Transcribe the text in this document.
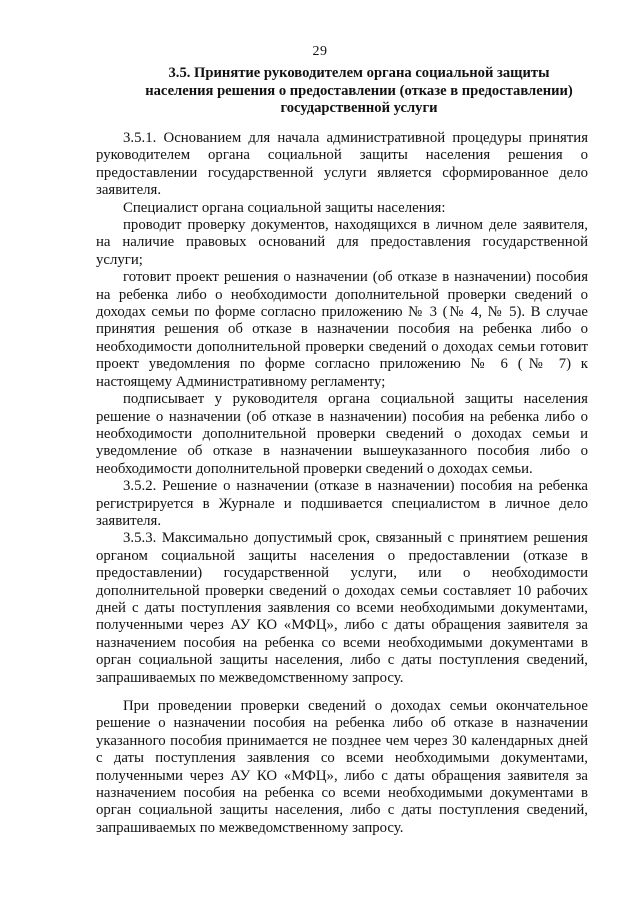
29
3.5. Принятие руководителем органа социальной защиты
населения решения о предоставлении (отказе в предоставлении)
государственной услуги

3.5.1. Основанием для начала административной процедуры принятия руководителем органа социальной защиты населения решения о предоставлении государственной услуги является сформированное дело заявителя.

Специалист органа социальной защиты населения:

проводит проверку документов, находящихся в личном деле заявителя, на наличие правовых оснований для предоставления государственной услуги;

готовит проект решения о назначении (об отказе в назначении) пособия на ребенка либо о необходимости дополнительной проверки сведений о доходах семьи по форме согласно приложению № 3 (№ 4, № 5). В случае принятия решения об отказе в назначении пособия на ребенка либо о необходимости дополнительной проверки сведений о доходах семьи готовит проект уведомления по форме согласно приложению № 6 (№ 7) к настоящему Административному регламенту;

подписывает у руководителя органа социальной защиты населения решение о назначении (об отказе в назначении) пособия на ребенка либо о необходимости дополнительной проверки сведений о доходах семьи и уведомление об отказе в назначении вышеуказанного пособия либо о необходимости дополнительной проверки сведений о доходах семьи.

3.5.2. Решение о назначении (отказе в назначении) пособия на ребенка регистрируется в Журнале и подшивается специалистом в личное дело заявителя.

3.5.3. Максимально допустимый срок, связанный с принятием решения органом социальной защиты населения о предоставлении (отказе в предоставлении) государственной услуги, или о необходимости дополнительной проверки сведений о доходах семьи составляет 10 рабочих дней с даты поступления заявления со всеми необходимыми документами, полученными через АУ КО «МФЦ», либо с даты обращения заявителя за назначением пособия на ребенка со всеми необходимыми документами в орган социальной защиты населения, либо с даты поступления сведений, запрашиваемых по межведомственному запросу.

При проведении проверки сведений о доходах семьи окончательное решение о назначении пособия на ребенка либо об отказе в назначении указанного пособия принимается не позднее чем через 30 календарных дней с даты поступления заявления со всеми необходимыми документами, полученными через АУ КО «МФЦ», либо с даты обращения заявителя за назначением пособия на ребенка со всеми необходимыми документами в орган социальной защиты населения, либо с даты поступления сведений, запрашиваемых по межведомственному запросу.
